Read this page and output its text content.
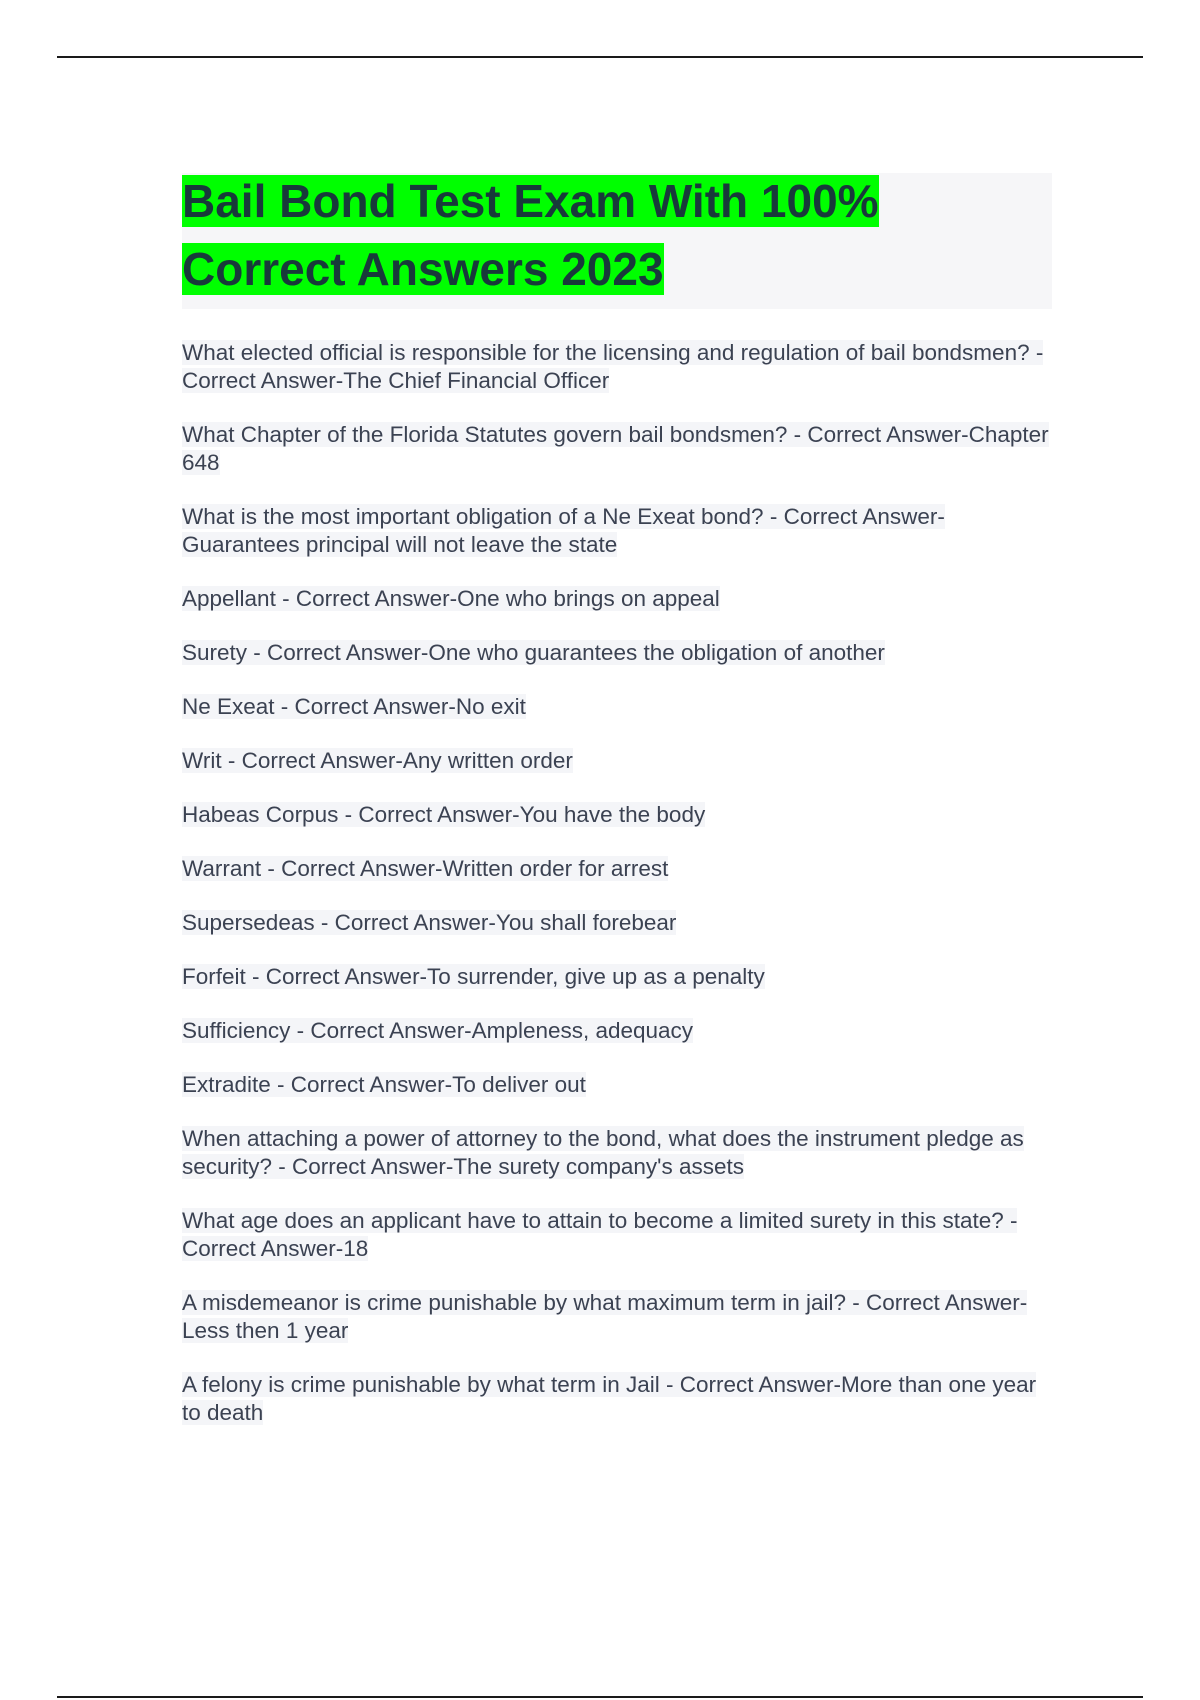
Bail Bond Test Exam With 100% Correct Answers 2023
What elected official is responsible for the licensing and regulation of bail bondsmen? - Correct Answer-The Chief Financial Officer
What Chapter of the Florida Statutes govern bail bondsmen? - Correct Answer-Chapter 648
What is the most important obligation of a Ne Exeat bond? - Correct Answer-Guarantees principal will not leave the state
Appellant - Correct Answer-One who brings on appeal
Surety - Correct Answer-One who guarantees the obligation of another
Ne Exeat - Correct Answer-No exit
Writ - Correct Answer-Any written order
Habeas Corpus - Correct Answer-You have the body
Warrant - Correct Answer-Written order for arrest
Supersedeas - Correct Answer-You shall forebear
Forfeit - Correct Answer-To surrender, give up as a penalty
Sufficiency - Correct Answer-Ampleness, adequacy
Extradite - Correct Answer-To deliver out
When attaching a power of attorney to the bond, what does the instrument pledge as security? - Correct Answer-The surety company's assets
What age does an applicant have to attain to become a limited surety in this state? - Correct Answer-18
A misdemeanor is crime punishable by what maximum term in jail? - Correct Answer-Less then 1 year
A felony is crime punishable by what term in Jail - Correct Answer-More than one year to death
